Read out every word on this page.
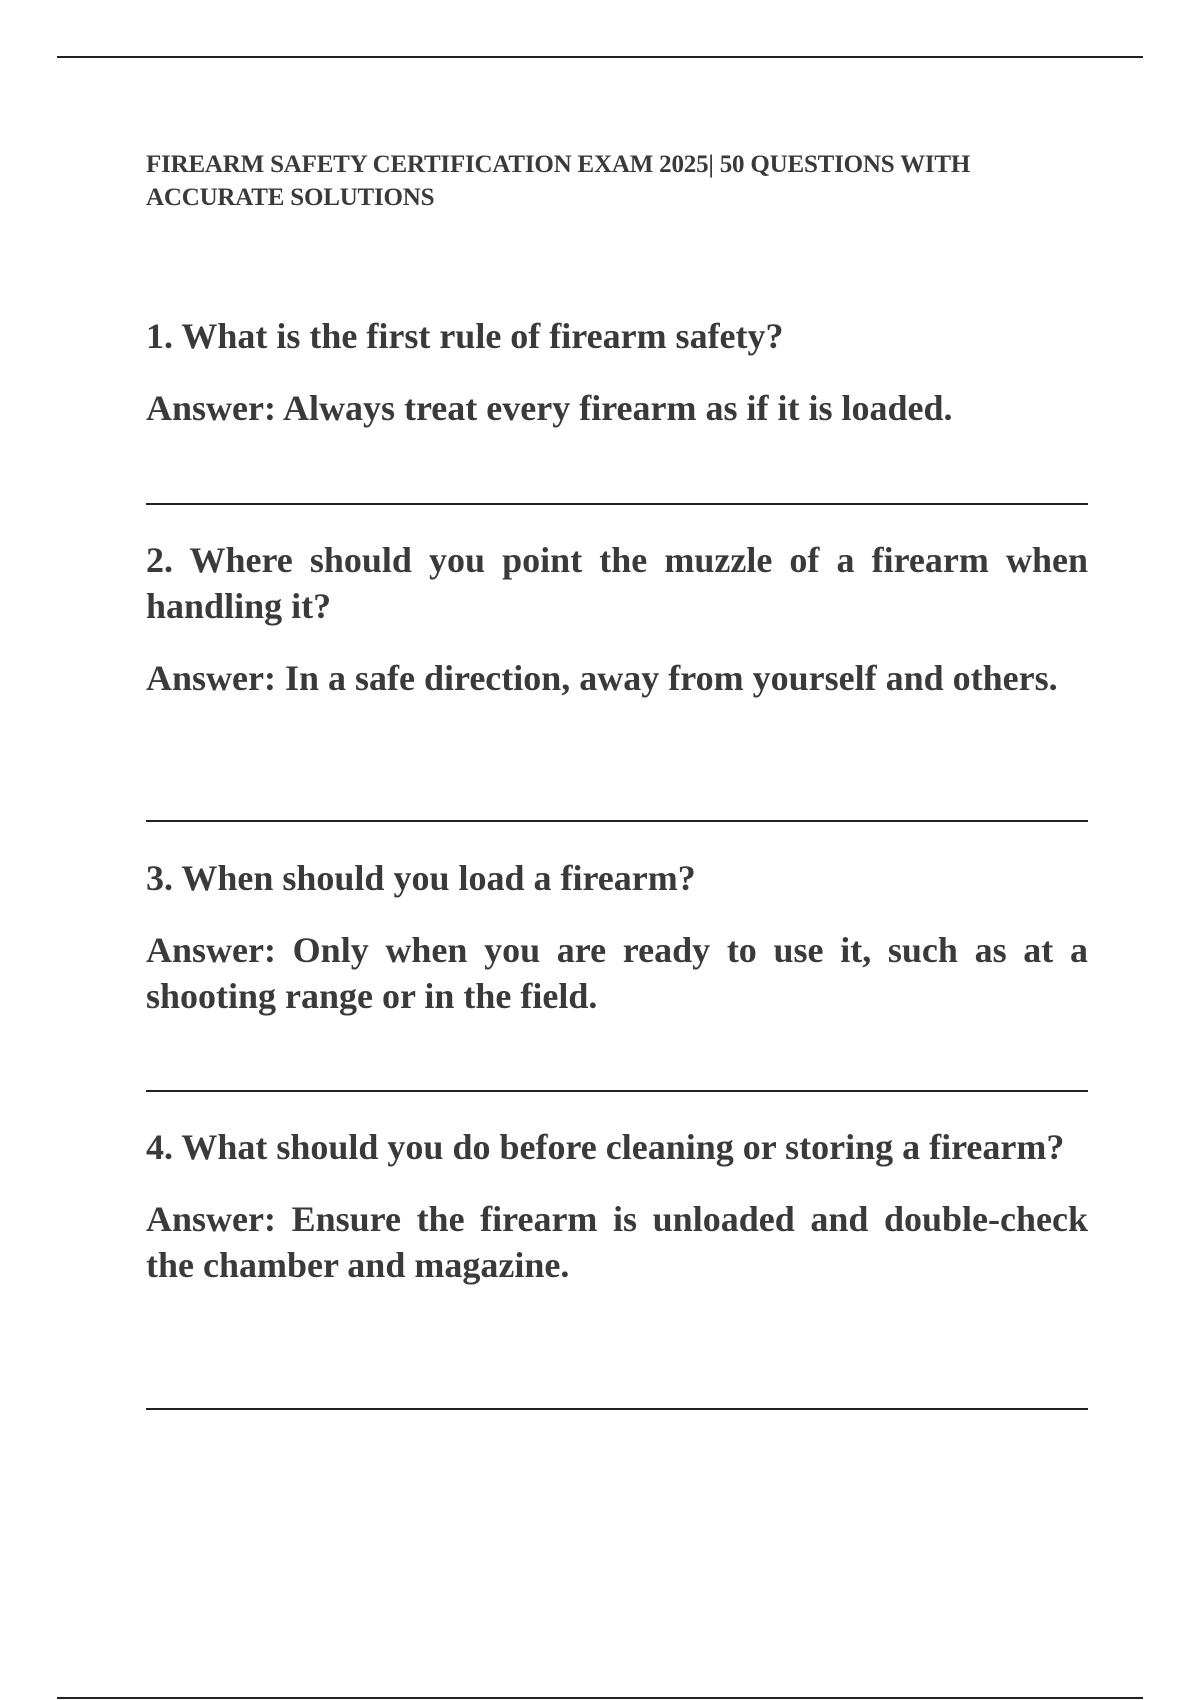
FIREARM SAFETY CERTIFICATION EXAM 2025| 50 QUESTIONS WITH ACCURATE SOLUTIONS

1. What is the first rule of firearm safety?

Answer: Always treat every firearm as if it is loaded.

2. Where should you point the muzzle of a firearm when handling it?

Answer: In a safe direction, away from yourself and others.

3. When should you load a firearm?

Answer: Only when you are ready to use it, such as at a shooting range or in the field.

4. What should you do before cleaning or storing a firearm?

Answer: Ensure the firearm is unloaded and double-check the chamber and magazine.
